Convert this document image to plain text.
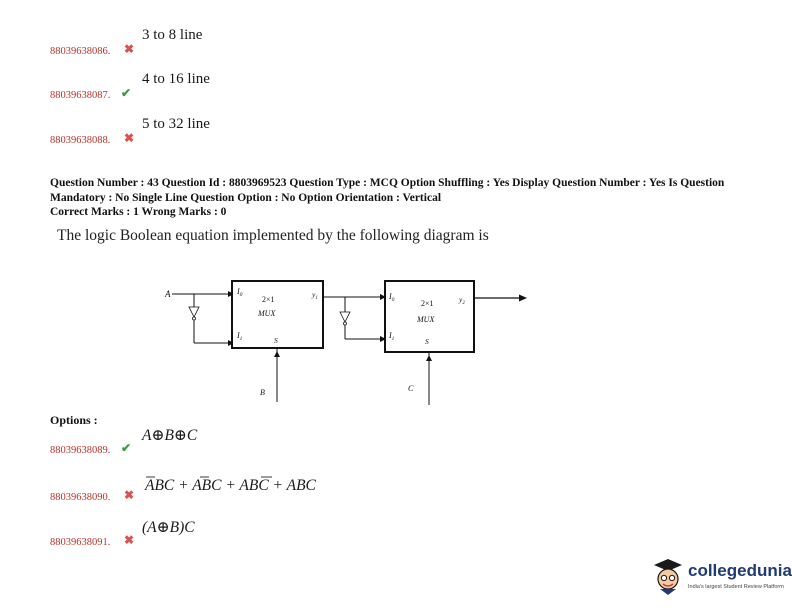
88039638086. ✖
3 to 8 line
88039638087. ✔
4 to 16 line
88039638088. ✖
5 to 32 line
Question Number : 43 Question Id : 8803969523 Question Type : MCQ Option Shuffling : Yes Display Question Number : Yes Is Question Mandatory : No Single Line Question Option : No Option Orientation : Vertical
Correct Marks : 1 Wrong Marks : 0
The logic Boolean equation implemented by the following diagram is
A	$I_0$ 2×1
MUX
$y_1$
$I_1$	S
B
$I_0$	2×1
MUX
$y_2$
$I_1$	S
C
Options :
88039638089. ✔
A⊕B⊕C
88039638090. ✖
ABC + ABC + ABC + ABC
88039638091. ✖
(A⊕B)C
collegedunia
India's largest Student Review Platform
